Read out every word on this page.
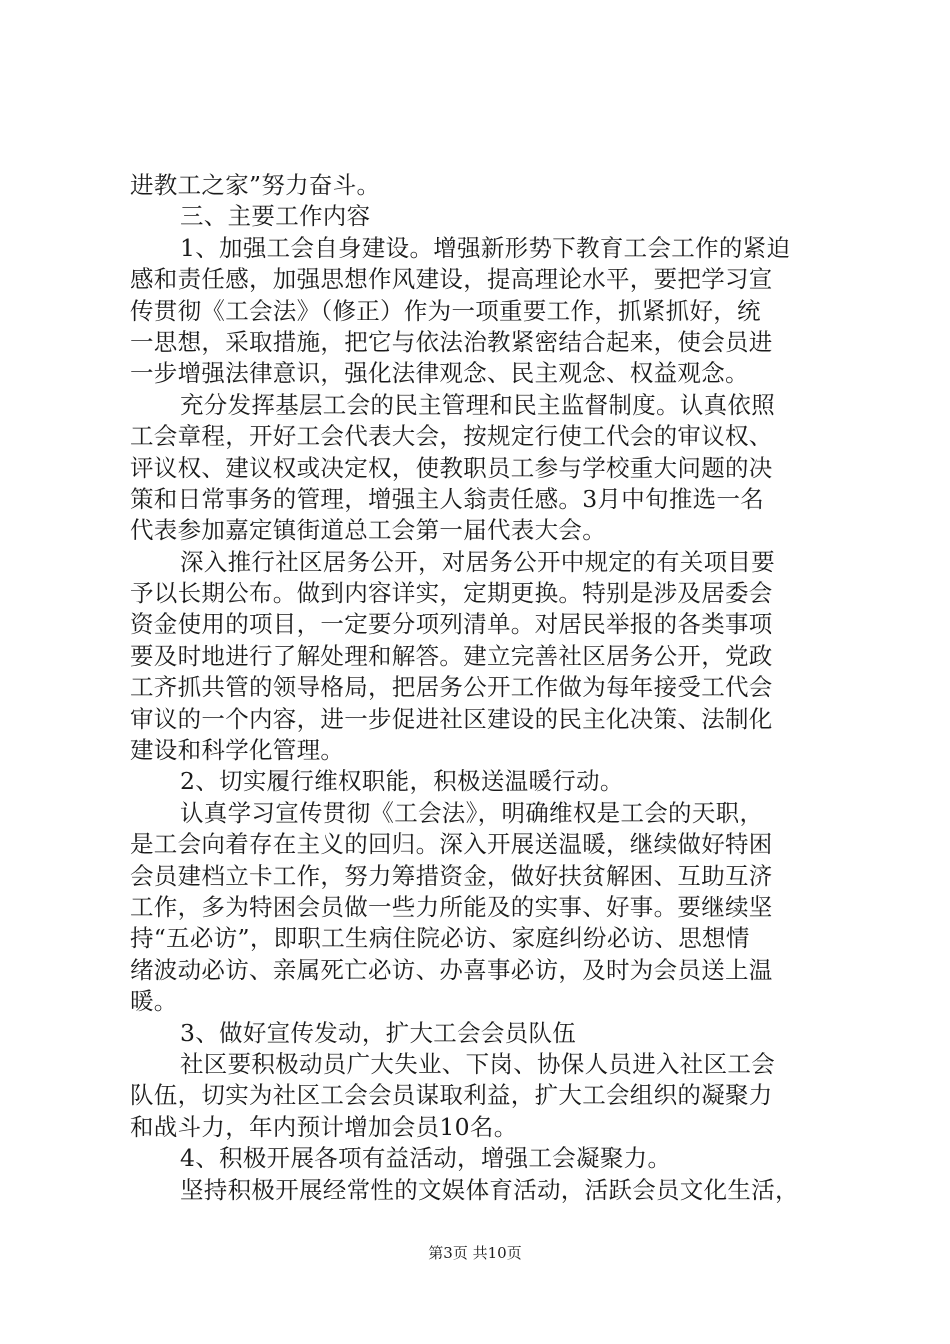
进教工之家”努力奋斗。
三、主要工作内容
1、加强工会自身建设。增强新形势下教育工会工作的紧迫
感和责任感，加强思想作风建设，提高理论水平，要把学习宣
传贯彻《工会法》（修正）作为一项重要工作，抓紧抓好，统
一思想，采取措施，把它与依法治教紧密结合起来，使会员进
一步增强法律意识，强化法律观念、民主观念、权益观念。
充分发挥基层工会的民主管理和民主监督制度。认真依照
工会章程，开好工会代表大会，按规定行使工代会的审议权、
评议权、建议权或决定权，使教职员工参与学校重大问题的决
策和日常事务的管理，增强主人翁责任感。3月中旬推选一名
代表参加嘉定镇街道总工会第一届代表大会。
深入推行社区居务公开，对居务公开中规定的有关项目要
予以长期公布。做到内容详实，定期更换。特别是涉及居委会
资金使用的项目，一定要分项列清单。对居民举报的各类事项
要及时地进行了解处理和解答。建立完善社区居务公开，党政
工齐抓共管的领导格局，把居务公开工作做为每年接受工代会
审议的一个内容，进一步促进社区建设的民主化决策、法制化
建设和科学化管理。
2、切实履行维权职能，积极送温暖行动。
认真学习宣传贯彻《工会法》，明确维权是工会的天职，
是工会向着存在主义的回归。深入开展送温暖，继续做好特困
会员建档立卡工作，努力筹措资金，做好扶贫解困、互助互济
工作，多为特困会员做一些力所能及的实事、好事。要继续坚
持“五必访”，即职工生病住院必访、家庭纠纷必访、思想情
绪波动必访、亲属死亡必访、办喜事必访，及时为会员送上温
暖。
3、做好宣传发动，扩大工会会员队伍
社区要积极动员广大失业、下岗、协保人员进入社区工会
队伍，切实为社区工会会员谋取利益，扩大工会组织的凝聚力
和战斗力，年内预计增加会员10名。
4、积极开展各项有益活动，增强工会凝聚力。
坚持积极开展经常性的文娱体育活动，活跃会员文化生活，
第3页 共10页
